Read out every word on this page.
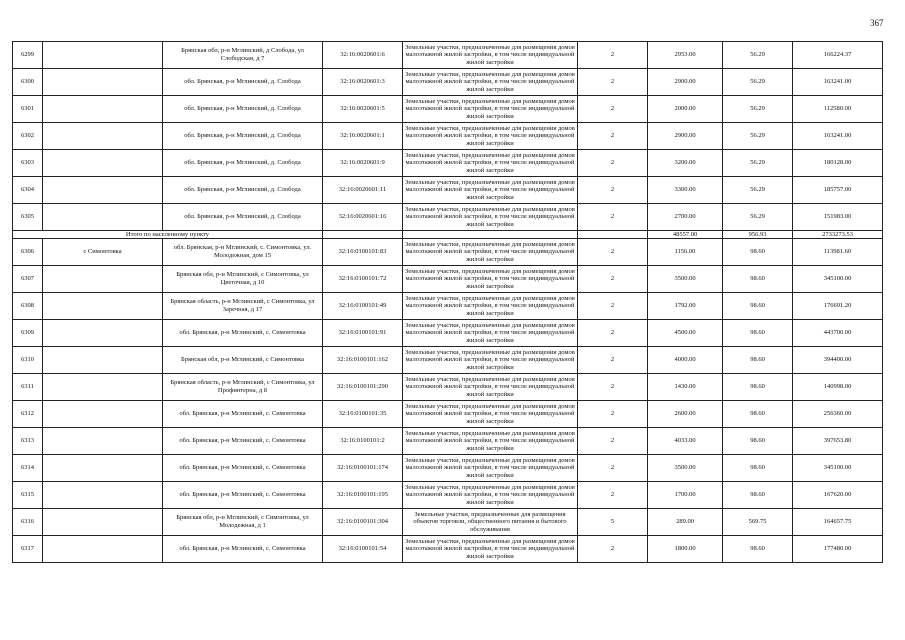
367
6299		Брянская обл, р-н Мглинский, д Слобода, ул Слободская, д 7	32:16:0020601:6	Земельные участки, предназначенные для размещения домов малоэтажной жилой застройки, в том числе индивидуальной жилой застройки	2	2953.00	56.29	166224.37
6300		обл. Брянская, р-н Мглинский, д. Слобода	32:16:0020601:3	Земельные участки, предназначенные для размещения домов малоэтажной жилой застройки, в том числе индивидуальной жилой застройки	2	2900.00	56.29	163241.00
6301		обл. Брянская, р-н Мглинский, д. Слобода	32:16:0020601:5	Земельные участки, предназначенные для размещения домов малоэтажной жилой застройки, в том числе индивидуальной жилой застройки	2	2000.00	56.29	112580.00
6302		обл. Брянская, р-н Мглинский, д. Слобода	32:16:0020601:1	Земельные участки, предназначенные для размещения домов малоэтажной жилой застройки, в том числе индивидуальной жилой застройки	2	2900.00	56.29	163241.00
6303		обл. Брянская, р-н Мглинский, д. Слобода	32:16:0020601:9	Земельные участки, предназначенные для размещения домов малоэтажной жилой застройки, в том числе индивидуальной жилой застройки	2	3200.00	56.29	180128.00
6304		обл. Брянская, р-н Мглинский, д. Слобода	32:16:0020601:11	Земельные участки, предназначенные для размещения домов малоэтажной жилой застройки, в том числе индивидуальной жилой застройки	2	3300.00	56.29	185757.00
6305		обл. Брянская, р-н Мглинский, д. Слобода	32:16:0020601:16	Земельные участки, предназначенные для размещения домов малоэтажной жилой застройки, в том числе индивидуальной жилой застройки	2	2700.00	56.29	151983.00
Итого по населенному пункту						48557.00	956.93	2733273.53
6306	с Симонтовка	обл. Брянская, р-н Мглинский, с. Симонтовка, ул. Молодежная, дом 15	32:16:0100101:83	Земельные участки, предназначенные для размещения домов малоэтажной жилой застройки, в том числе индивидуальной жилой застройки	2	1156.00	98.60	113981.60
6307		Брянская обл, р-н Мглинский, с Симонтовка, ул Цветочная, д 10	32:16:0100101:72	Земельные участки, предназначенные для размещения домов малоэтажной жилой застройки, в том числе индивидуальной жилой застройки	2	3500.00	98.60	345100.00
6308		Брянская область, р-н Мглинский, с Симонтовка, ул Заречная, д 17	32:16:0100101:49	Земельные участки, предназначенные для размещения домов малоэтажной жилой застройки, в том числе индивидуальной жилой застройки	2	1792.00	98.60	176691.20
6309		обл. Брянская, р-н Мглинский, с. Симонтовка	32:16:0100101:91	Земельные участки, предназначенные для размещения домов малоэтажной жилой застройки, в том числе индивидуальной жилой застройки	2	4500.00	98.60	443700.00
6310		Брянская обл, р-н Мглинский, с Симонтовка	32:16:0100101:162	Земельные участки, предназначенные для размещения домов малоэтажной жилой застройки, в том числе индивидуальной жилой застройки	2	4000.00	98.60	394400.00
6311		Брянская область, р-н Мглинский, с Симонтовка, ул Профинтерна, д 8	32:16:0100101:290	Земельные участки, предназначенные для размещения домов малоэтажной жилой застройки, в том числе индивидуальной жилой застройки	2	1430.00	98.60	140998.00
6312		обл. Брянская, р-н Мглинский, с. Симонтовка	32:16:0100101:35	Земельные участки, предназначенные для размещения домов малоэтажной жилой застройки, в том числе индивидуальной жилой застройки	2	2600.00	98.60	256360.00
6313		обл. Брянская, р-н Мглинский, с. Симонтовка	32:16:0100101:2	Земельные участки, предназначенные для размещения домов малоэтажной жилой застройки, в том числе индивидуальной жилой застройки	2	4033.00	98.60	397653.80
6314		обл. Брянская, р-н Мглинский, с. Симонтовка	32:16:0100101:174	Земельные участки, предназначенные для размещения домов малоэтажной жилой застройки, в том числе индивидуальной жилой застройки	2	3500.00	98.60	345100.00
6315		обл. Брянская, р-н Мглинский, с. Симонтовка	32:16:0100101:195	Земельные участки, предназначенные для размещения домов малоэтажной жилой застройки, в том числе индивидуальной жилой застройки	2	1700.00	98.60	167620.00
6316		Брянская обл, р-н Мглинский, с Симонтовка, ул Молодежная, д 1	32:16:0100101:304	Земельные участки, предназначенные для размещения объектов торговли, общественного питания и бытового обслуживания	5	289.00	569.75	164657.75
6317		обл. Брянская, р-н Мглинский, с. Симонтовка	32:16:0100101:54	Земельные участки, предназначенные для размещения домов малоэтажной жилой застройки, в том числе индивидуальной жилой застройки	2	1800.00	98.60	177480.00
